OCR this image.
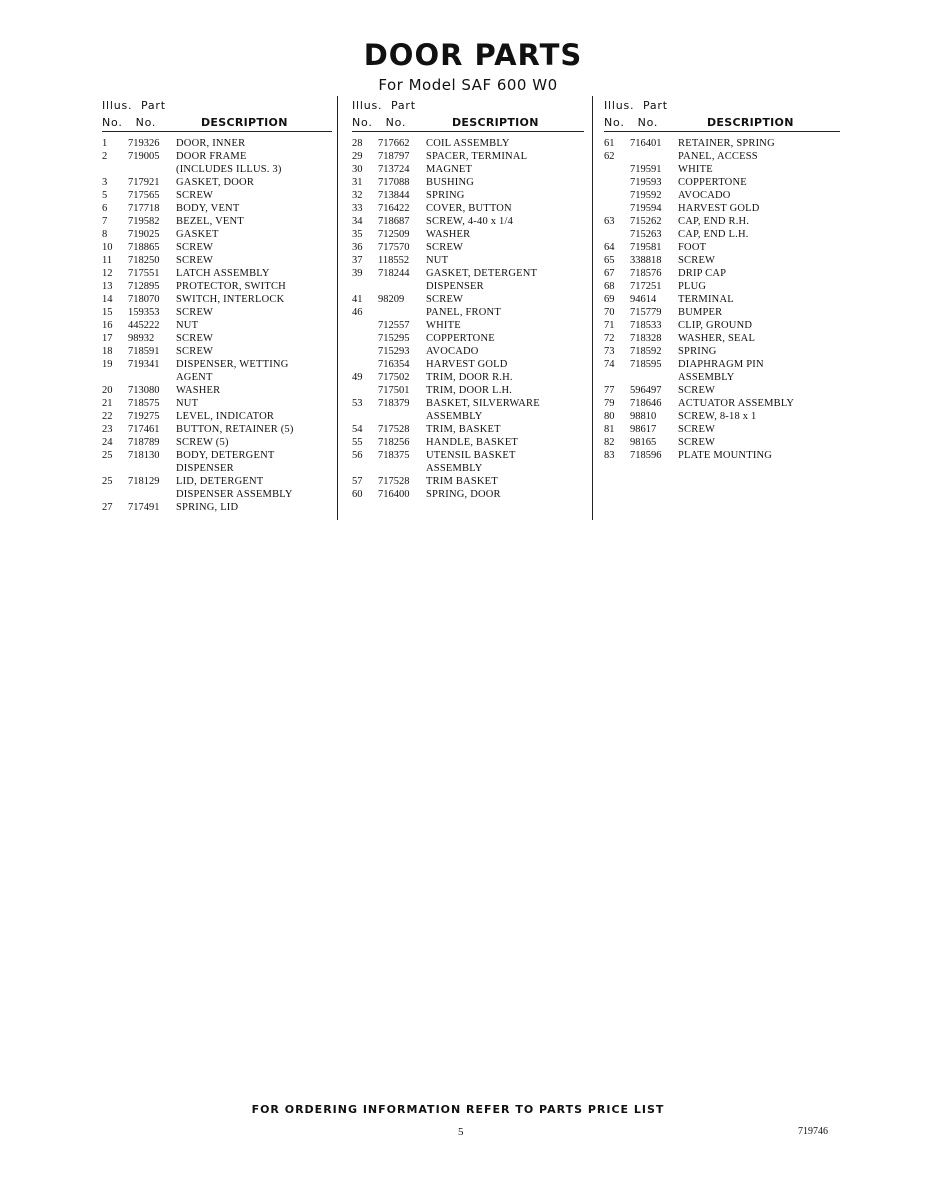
DOOR PARTS
For Model SAF 600 W0
Illus. Part
No. No.	DESCRIPTION
1	719326 DOOR, INNER
2	719005 DOOR FRAME
(INCLUDES ILLUS. 3)
3	717921 GASKET, DOOR
5	717565 SCREW
6	717718 BODY, VENT
7	719582 BEZEL, VENT
8	719025 GASKET
10	718865 SCREW
11	718250 SCREW
12	717551 LATCH ASSEMBLY
13	712895 PROTECTOR, SWITCH
14	718070 SWITCH, INTERLOCK
15	159353 SCREW
16	445222 NUT
17	98932 SCREW
18	718591 SCREW
19	719341 DISPENSER, WETTING
AGENT
20	713080 WASHER
21	718575 NUT
22	719275 LEVEL, INDICATOR
23	717461 BUTTON, RETAINER (5)
24	718789 SCREW (5)
25	718130 BODY, DETERGENT
DISPENSER
25	718129 LID, DETERGENT
DISPENSER ASSEMBLY
27	717491 SPRING, LID
Illus. Part
No. No.	DESCRIPTION
28	717662 COIL ASSEMBLY
29	718797 SPACER, TERMINAL
30	713724 MAGNET
31	717088 BUSHING
32	713844 SPRING
33	716422 COVER, BUTTON
34	718687 SCREW, 4-40 x 1/4
35	712509 WASHER
36	717570 SCREW
37	118552 NUT
39	718244 GASKET, DETERGENT
DISPENSER
41	98209 SCREW
46	PANEL, FRONT
712557 WHITE
715295 COPPERTONE
715293 AVOCADO
716354 HARVEST GOLD
49	717502 TRIM, DOOR R.H.
717501 TRIM, DOOR L.H.
53	718379 BASKET, SILVERWARE
ASSEMBLY
54	717528 TRIM, BASKET
55	718256 HANDLE, BASKET
56	718375 UTENSIL BASKET
ASSEMBLY
57	717528 TRIM BASKET
60	716400 SPRING, DOOR
Illus. Part
No. No.	DESCRIPTION
61	716401 RETAINER, SPRING
62	PANEL, ACCESS
719591 WHITE
719593 COPPERTONE
719592 AVOCADO
719594 HARVEST GOLD
63	715262 CAP, END R.H.
715263 CAP, END L.H.
64	719581 FOOT
65	338818 SCREW
67	718576 DRIP CAP
68	717251 PLUG
69	94614 TERMINAL
70	715779 BUMPER
71	718533 CLIP, GROUND
72	718328 WASHER, SEAL
73	718592 SPRING
74	718595 DIAPHRAGM PIN
ASSEMBLY
77	596497 SCREW
79	718646 ACTUATOR ASSEMBLY
80	98810 SCREW, 8-18 x 1
81	98617 SCREW
82	98165 SCREW
83	718596 PLATE MOUNTING
FOR ORDERING INFORMATION REFER TO PARTS PRICE LIST
5	719746
